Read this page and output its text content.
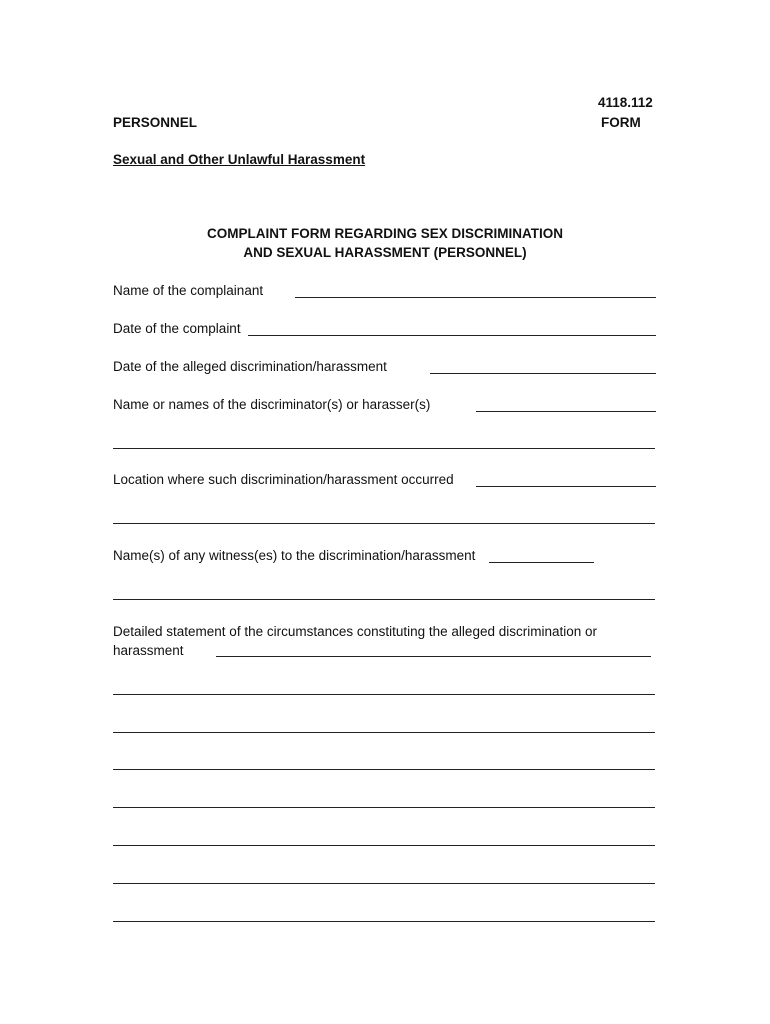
4118.112
PERSONNEL	FORM
Sexual and Other Unlawful Harassment
COMPLAINT FORM REGARDING SEX DISCRIMINATION
AND SEXUAL HARASSMENT (PERSONNEL)
Name of the complainant
Date of the complaint
Date of the alleged discrimination/harassment
Name or names of the discriminator(s) or harasser(s)
Location where such discrimination/harassment occurred
Name(s) of any witness(es) to the discrimination/harassment
Detailed statement of the circumstances constituting the alleged discrimination or
harassment
